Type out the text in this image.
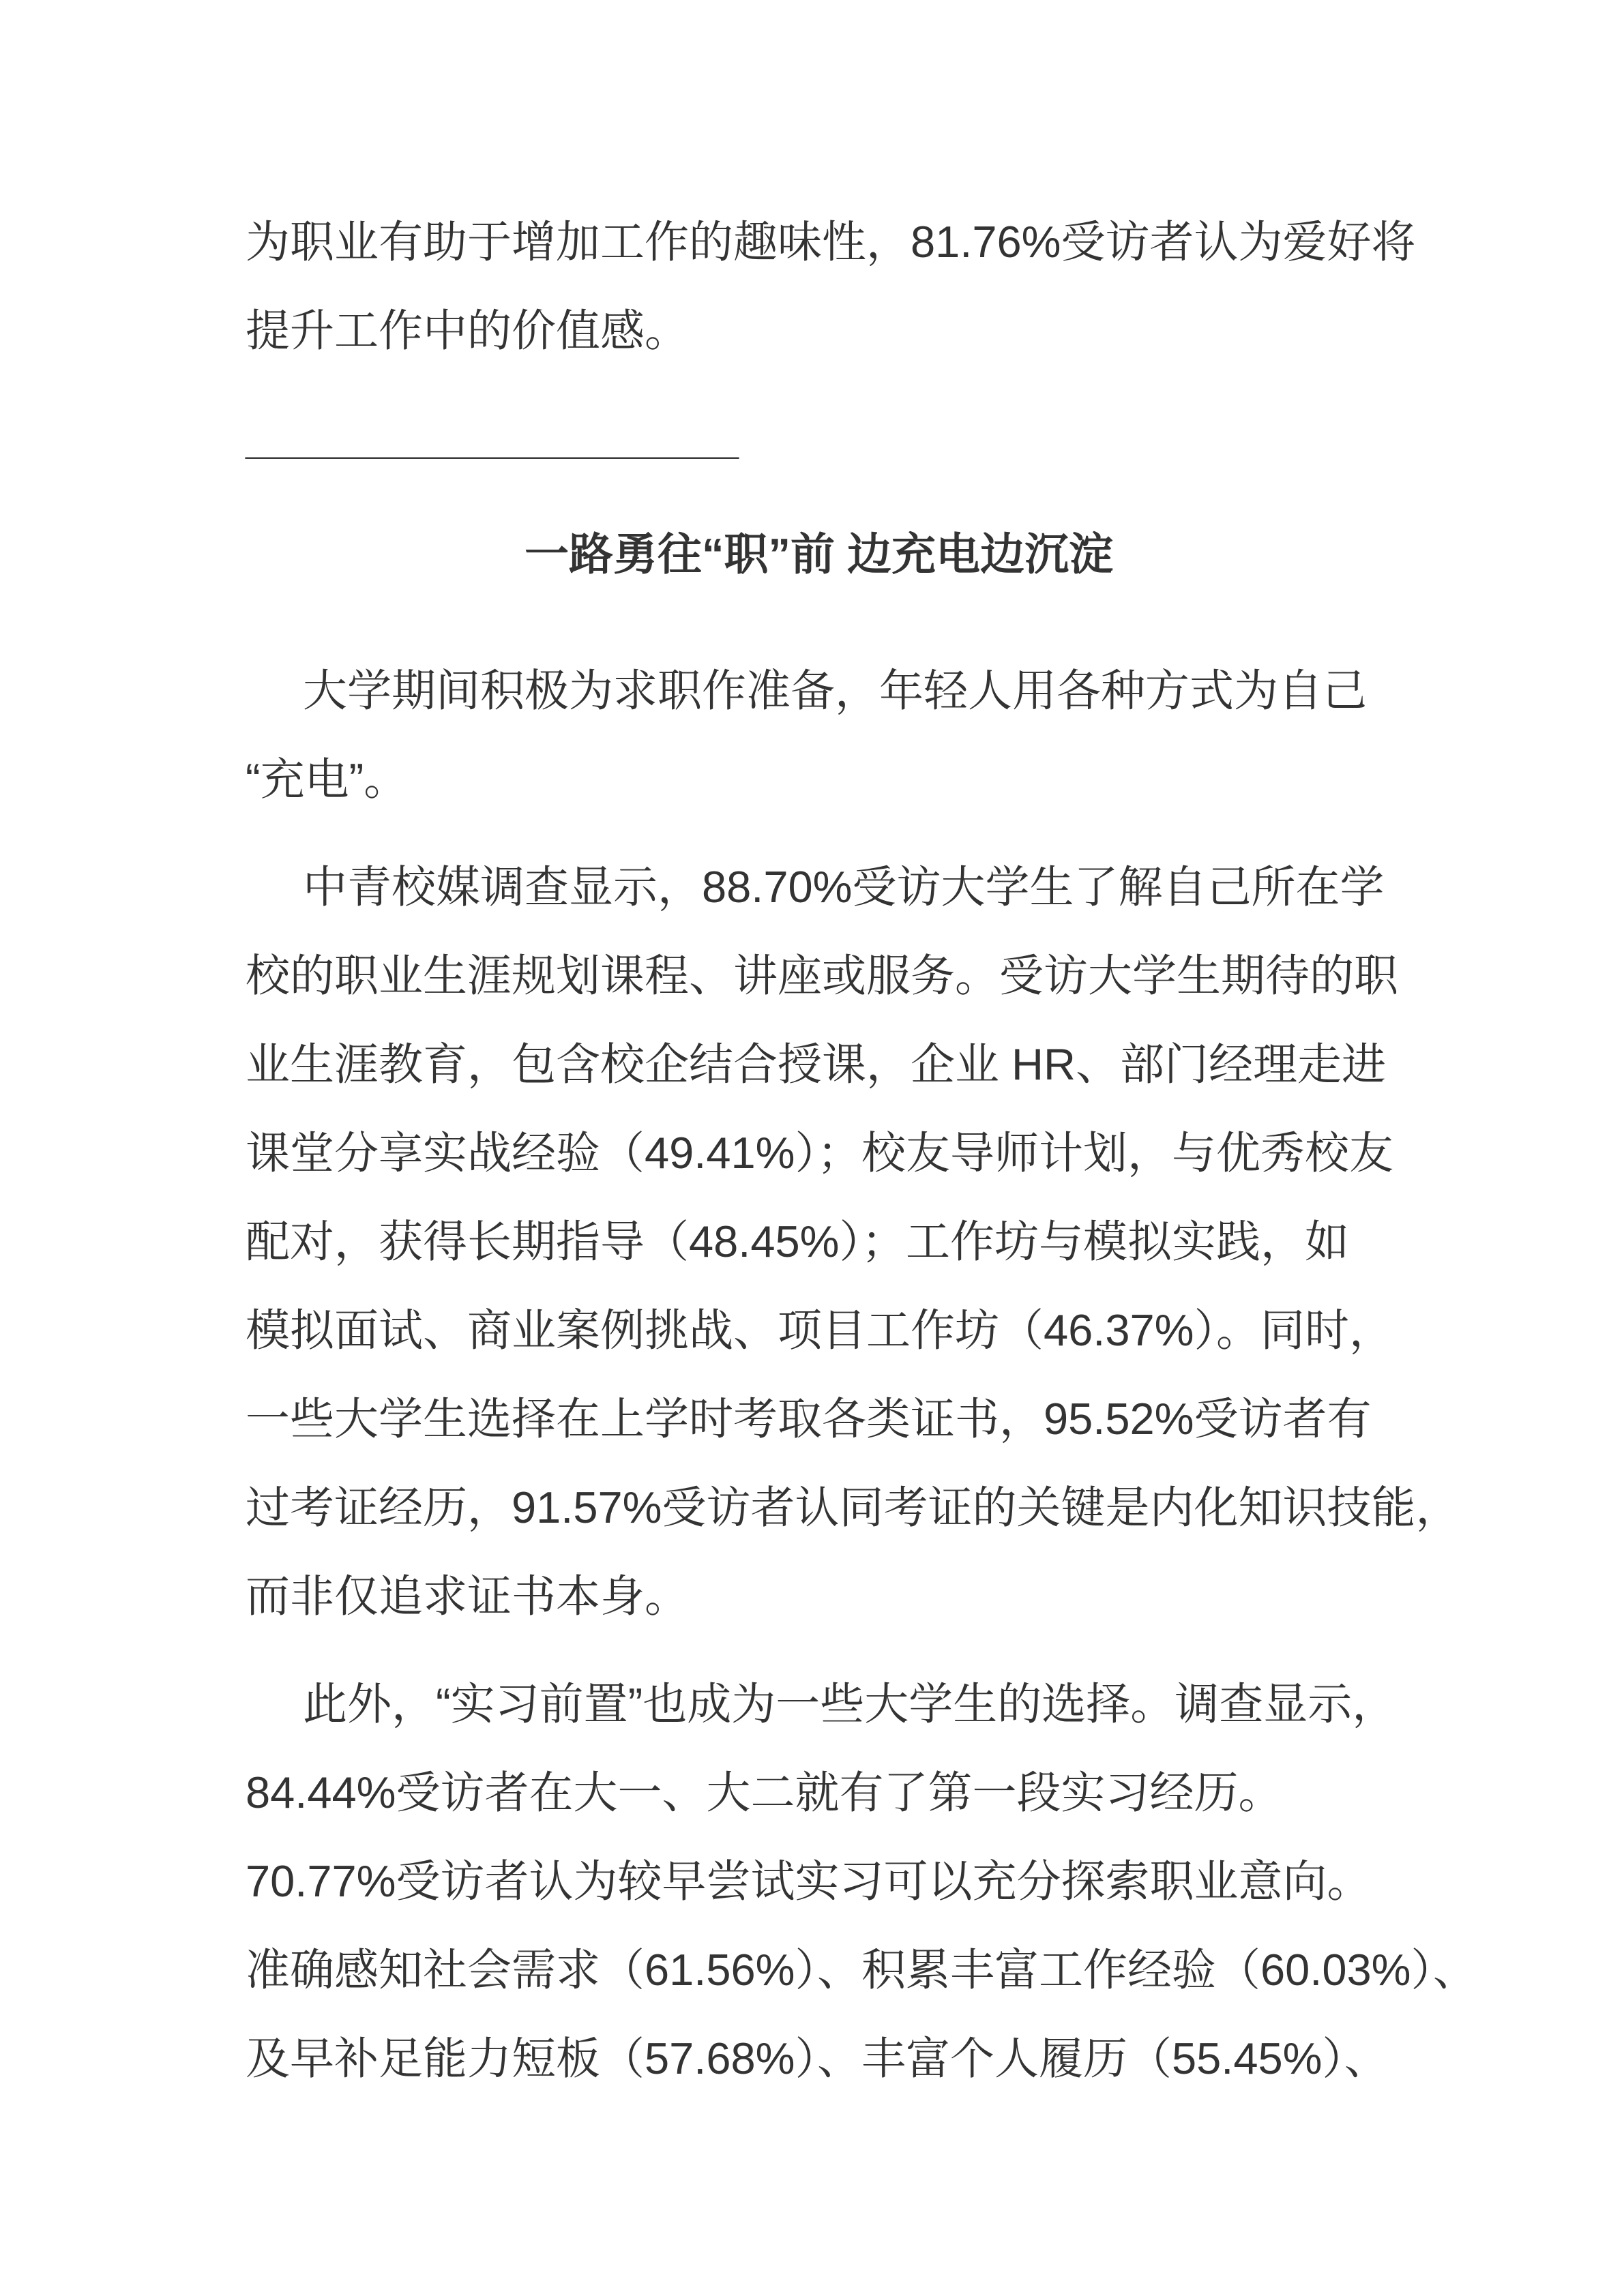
为职业有助于增加工作的趣味性，81.76%受访者认为爱好将
提升工作中的价值感。
____________________
一路勇往“职”前 边充电边沉淀
大学期间积极为求职作准备，年轻人用各种方式为自己
“充电”。
中青校媒调查显示，88.70%受访大学生了解自己所在学
校的职业生涯规划课程、讲座或服务。受访大学生期待的职
业生涯教育，包含校企结合授课，企业 HR、部门经理走进
课堂分享实战经验（49.41%）；校友导师计划，与优秀校友
配对，获得长期指导（48.45%）；工作坊与模拟实践，如
模拟面试、商业案例挑战、项目工作坊（46.37%）。同时，
一些大学生选择在上学时考取各类证书，95.52%受访者有
过考证经历，91.57%受访者认同考证的关键是内化知识技能，
而非仅追求证书本身。
此外，“实习前置”也成为一些大学生的选择。调查显示，
84.44%受访者在大一、大二就有了第一段实习经历。
70.77%受访者认为较早尝试实习可以充分探索职业意向。
准确感知社会需求（61.56%）、积累丰富工作经验（60.03%）、
及早补足能力短板（57.68%）、丰富个人履历（55.45%）、
